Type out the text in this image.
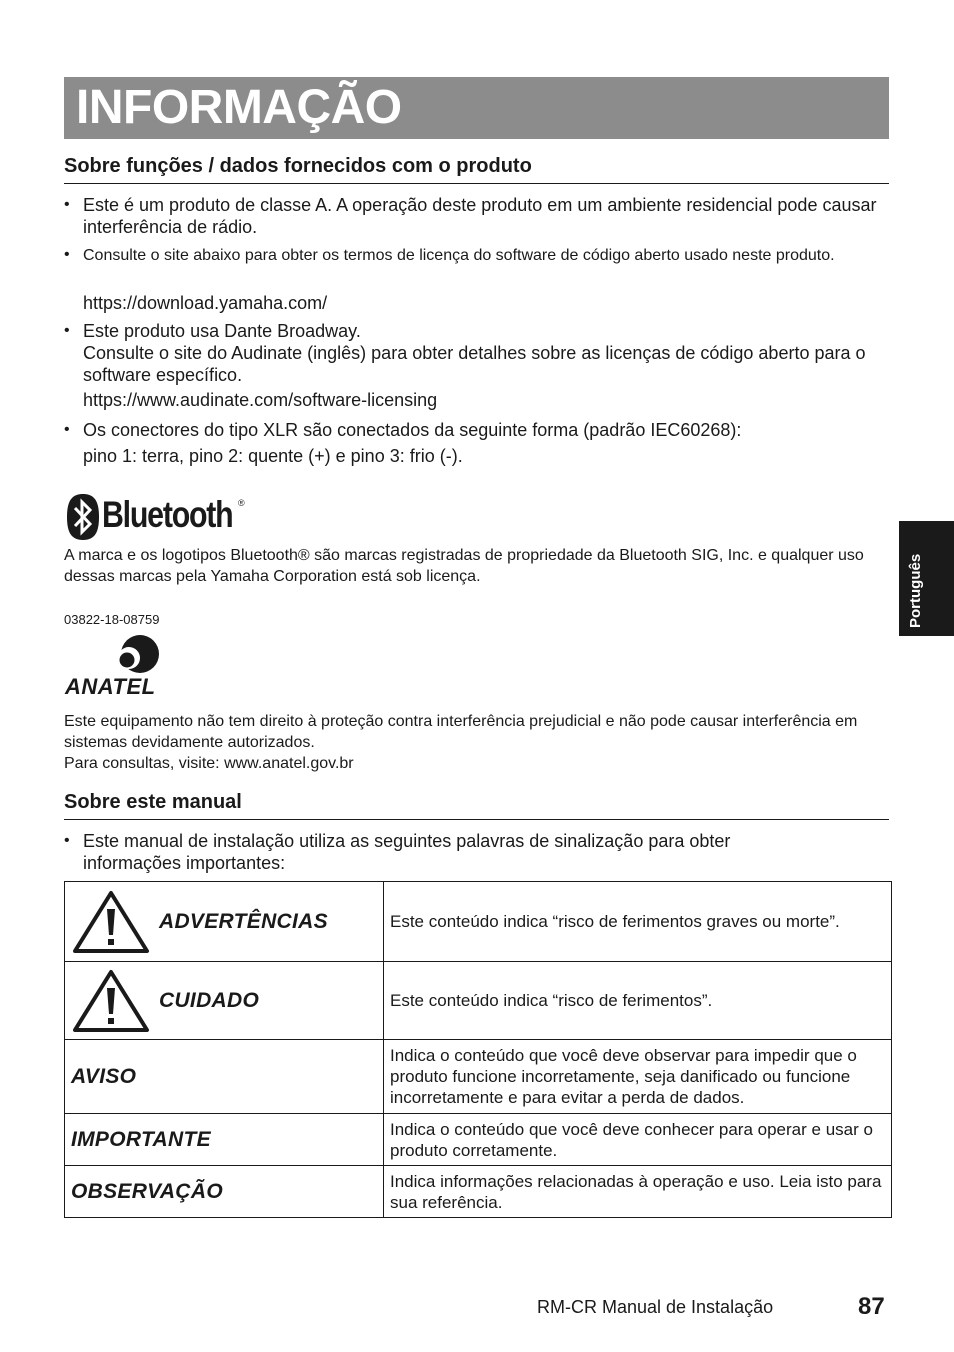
INFORMAÇÃO
Português
Sobre funções / dados fornecidos com o produto
• Este é um produto de classe A. A operação deste produto em um ambiente residencial pode causar interferência de rádio.
• Consulte o site abaixo para obter os termos de licença do software de código aberto usado neste produto.
https://download.yamaha.com/
• Este produto usa Dante Broadway.
Consulte o site do Audinate (inglês) para obter detalhes sobre as licenças de código aberto para o software específico.
https://www.audinate.com/software-licensing
• Os conectores do tipo XLR são conectados da seguinte forma (padrão IEC60268):
pino 1: terra, pino 2: quente (+) e pino 3: frio (-).
Bluetooth ®
A marca e os logotipos Bluetooth® são marcas registradas de propriedade da Bluetooth SIG, Inc. e qualquer uso dessas marcas pela Yamaha Corporation está sob licença.
03822-18-08759
ANATEL
Este equipamento não tem direito à proteção contra interferência prejudicial e não pode causar interferência em sistemas devidamente autorizados.
Para consultas, visite: www.anatel.gov.br
Sobre este manual
• Este manual de instalação utiliza as seguintes palavras de sinalização para obter informações importantes:
ADVERTÊNCIAS	Este conteúdo indica “risco de ferimentos graves ou morte”.

CUIDADO	Este conteúdo indica “risco de ferimentos”.
AVISO	Indica o conteúdo que você deve observar para impedir que o produto funcione incorretamente, seja danificado ou funcione incorretamente e para evitar a perda de dados.
IMPORTANTE	Indica o conteúdo que você deve conhecer para operar e usar o produto corretamente.
OBSERVAÇÃO	Indica informações relacionadas à operação e uso. Leia isto para sua referência.
RM-CR Manual de Instalação	87
